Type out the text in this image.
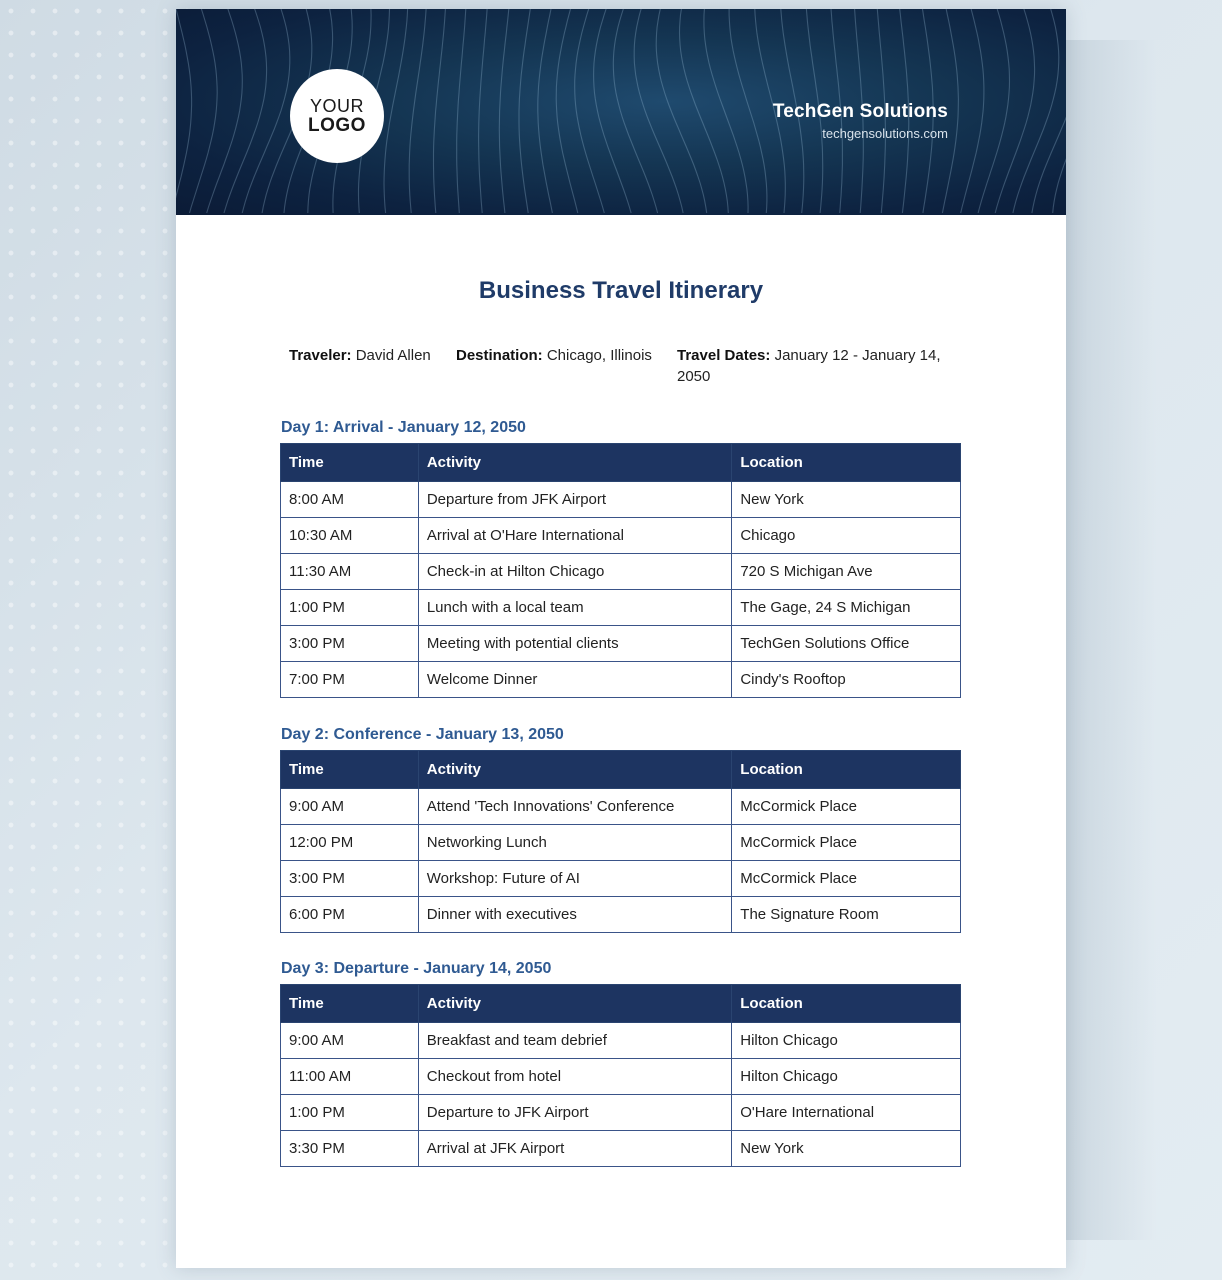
YOUR
LOGO
TechGen Solutions
techgensolutions.com
Business Travel Itinerary
Traveler: David Allen	Destination: Chicago, Illinois Travel Dates: January 12 - January 14, 2050
Day 1: Arrival - January 12, 2050
Time	Activity	Location
8:00 AM	Departure from JFK Airport	New York
10:30 AM	Arrival at O'Hare International	Chicago
11:30 AM	Check-in at Hilton Chicago	720 S Michigan Ave
1:00 PM	Lunch with a local team	The Gage, 24 S Michigan
3:00 PM	Meeting with potential clients	TechGen Solutions Office
7:00 PM	Welcome Dinner	Cindy's Rooftop
Day 2: Conference - January 13, 2050
Time	Activity	Location
9:00 AM	Attend 'Tech Innovations' Conference	McCormick Place
12:00 PM	Networking Lunch	McCormick Place
3:00 PM	Workshop: Future of AI	McCormick Place
6:00 PM	Dinner with executives	The Signature Room
Day 3: Departure - January 14, 2050
Time	Activity	Location
9:00 AM	Breakfast and team debrief	Hilton Chicago
11:00 AM	Checkout from hotel	Hilton Chicago
1:00 PM	Departure to JFK Airport	O'Hare International
3:30 PM	Arrival at JFK Airport	New York
